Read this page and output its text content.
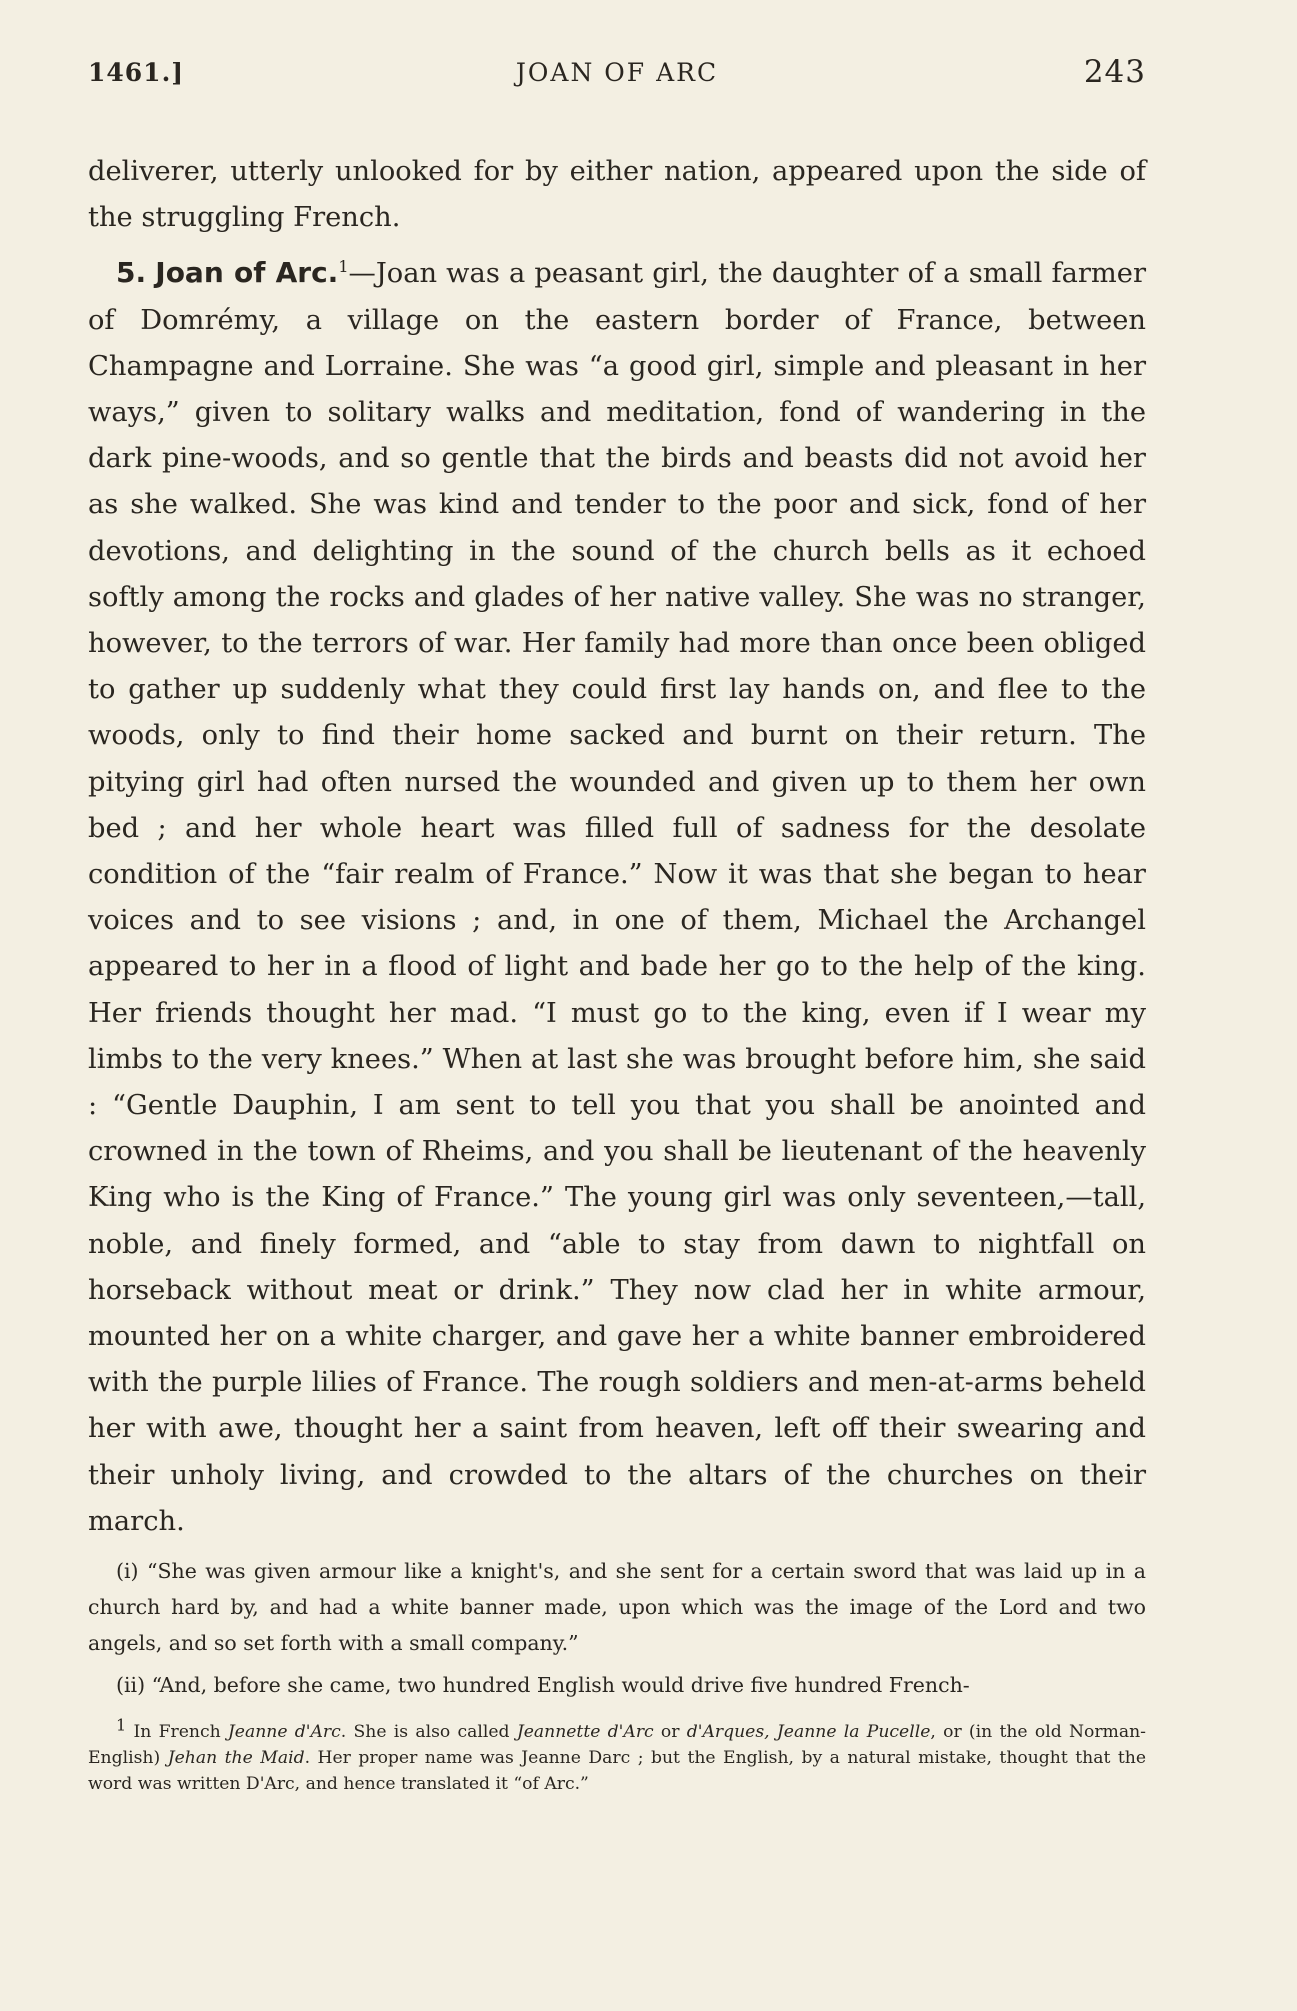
1461.]	JOAN OF ARC	243

deliverer, utterly unlooked for by either nation, appeared upon the side of the struggling French.

5. Joan of Arc.$^1$—Joan was a peasant girl, the daughter of a small farmer of Domrémy, a village on the eastern border of France, between Champagne and Lorraine. She was “a good girl, simple and pleasant in her ways,” given to solitary walks and meditation, fond of wandering in the dark pine-woods, and so gentle that the birds and beasts did not avoid her as she walked. She was kind and tender to the poor and sick, fond of her devotions, and delighting in the sound of the church bells as it echoed softly among the rocks and glades of her native valley. She was no stranger, however, to the terrors of war. Her family had more than once been obliged to gather up suddenly what they could first lay hands on, and flee to the woods, only to find their home sacked and burnt on their return. The pitying girl had often nursed the wounded and given up to them her own bed ; and her whole heart was filled full of sadness for the desolate condition of the “fair realm of France.” Now it was that she began to hear voices and to see visions ; and, in one of them, Michael the Archangel appeared to her in a flood of light and bade her go to the help of the king. Her friends thought her mad. “I must go to the king, even if I wear my limbs to the very knees.” When at last she was brought before him, she said : “Gentle Dauphin, I am sent to tell you that you shall be anointed and crowned in the town of Rheims, and you shall be lieutenant of the heavenly King who is the King of France.” The young girl was only seventeen,—tall, noble, and finely formed, and “able to stay from dawn to nightfall on horseback without meat or drink.” They now clad her in white armour, mounted her on a white charger, and gave her a white banner embroidered with the purple lilies of France. The rough soldiers and men-at-arms beheld her with awe, thought her a saint from heaven, left off their swearing and their unholy living, and crowded to the altars of the churches on their march.

(i) “She was given armour like a knight's, and she sent for a certain sword that was laid up in a church hard by, and had a white banner made, upon which was the image of the Lord and two angels, and so set forth with a small company.”

(ii) “And, before she came, two hundred English would drive five hundred French-

$^1$ In French Jeanne d'Arc. She is also called Jeannette d'Arc or d'Arques, Jeanne la Pucelle, or (in the old Norman-English) Jehan the Maid. Her proper name was Jeanne Darc ; but the English, by a natural mistake, thought that the word was written D'Arc, and hence translated it “of Arc.”
